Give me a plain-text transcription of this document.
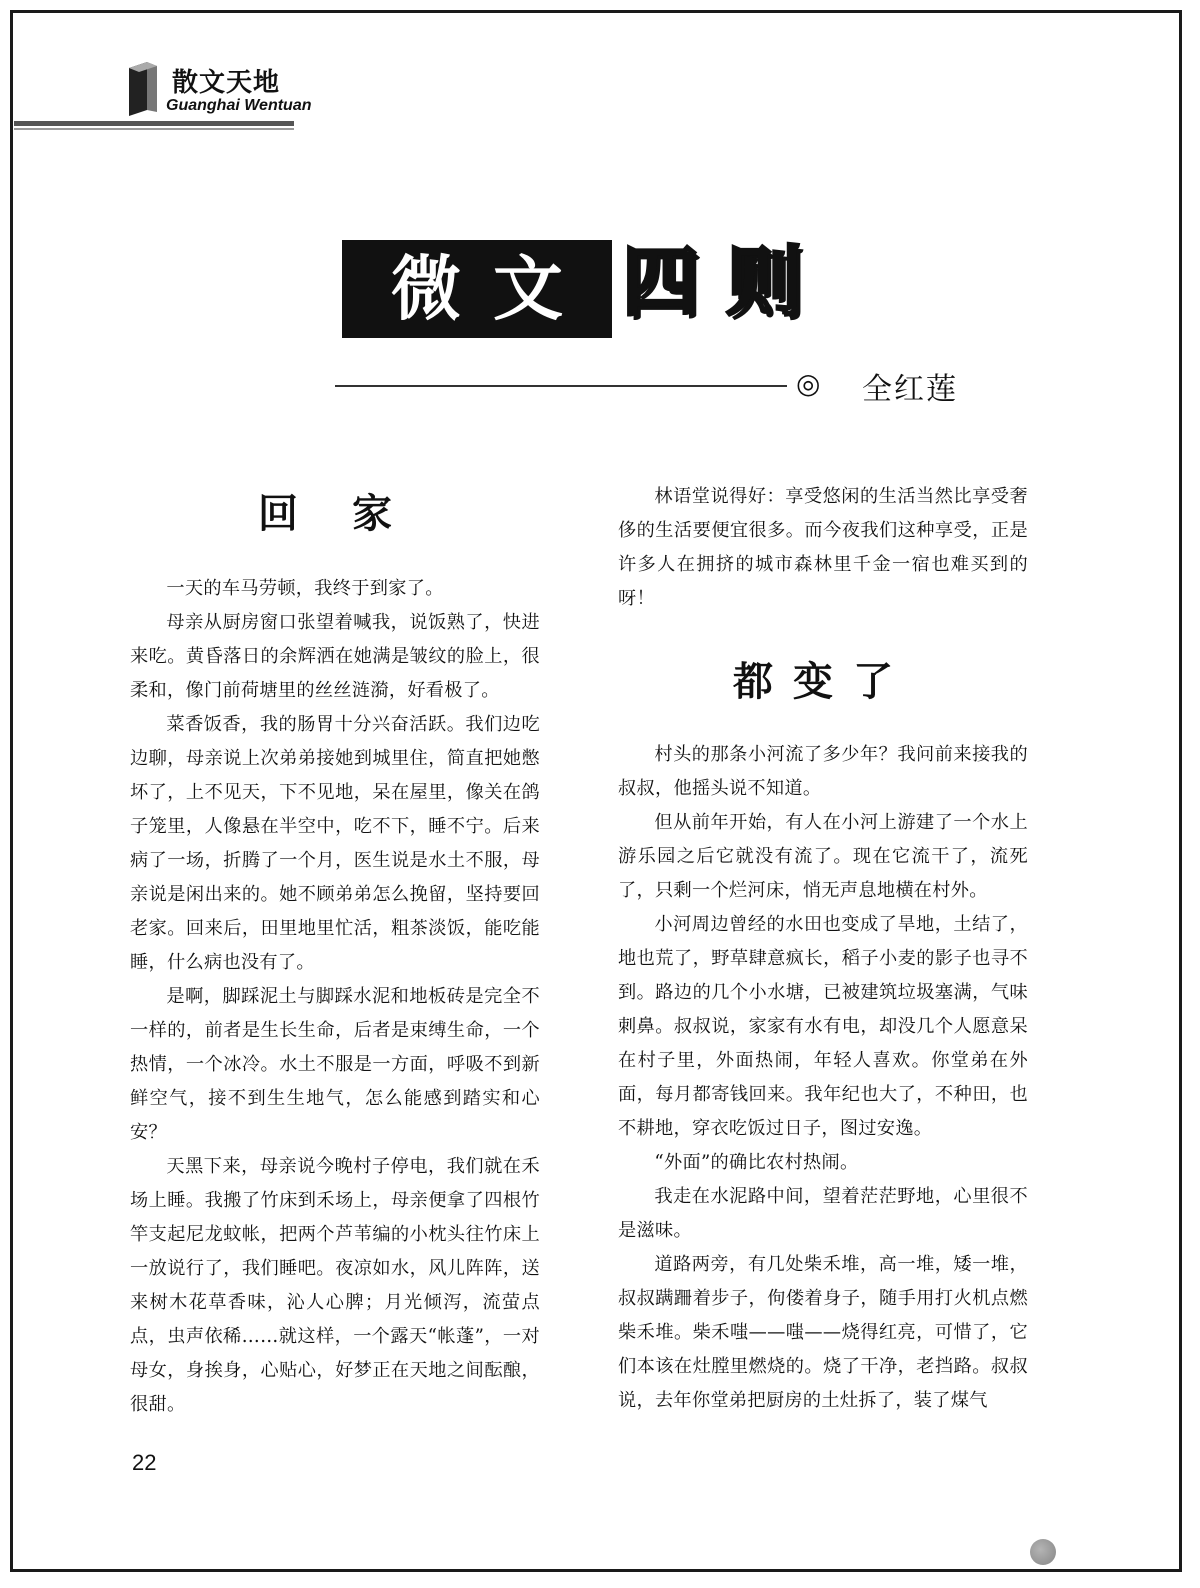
散文天地
Guanghai Wentuan
微文 四则
◎ 全红莲
回 家

一天的车马劳顿，我终于到家了。

母亲从厨房窗口张望着喊我，说饭熟了，快进来吃。黄昏落日的余辉洒在她满是皱纹的脸上，很柔和，像门前荷塘里的丝丝涟漪，好看极了。

菜香饭香，我的肠胃十分兴奋活跃。我们边吃边聊，母亲说上次弟弟接她到城里住，简直把她憋坏了，上不见天，下不见地，呆在屋里，像关在鸽子笼里，人像悬在半空中，吃不下，睡不宁。后来病了一场，折腾了一个月，医生说是水土不服，母亲说是闲出来的。她不顾弟弟怎么挽留，坚持要回老家。回来后，田里地里忙活，粗茶淡饭，能吃能睡，什么病也没有了。

是啊，脚踩泥土与脚踩水泥和地板砖是完全不一样的，前者是生长生命，后者是束缚生命，一个热情，一个冰冷。水土不服是一方面，呼吸不到新鲜空气，接不到生生地气，怎么能感到踏实和心安？

天黑下来，母亲说今晚村子停电，我们就在禾场上睡。我搬了竹床到禾场上，母亲便拿了四根竹竿支起尼龙蚊帐，把两个芦苇编的小枕头往竹床上一放说行了，我们睡吧。夜凉如水，风儿阵阵，送来树木花草香味，沁人心脾；月光倾泻，流萤点点，虫声依稀……就这样，一个露天“帐蓬”，一对母女，身挨身，心贴心，好梦正在天地之间酝酿，很甜。

林语堂说得好：享受悠闲的生活当然比享受奢侈的生活要便宜很多。而今夜我们这种享受，正是许多人在拥挤的城市森林里千金一宿也难买到的呀！

都变了

村头的那条小河流了多少年？我问前来接我的叔叔，他摇头说不知道。

但从前年开始，有人在小河上游建了一个水上游乐园之后它就没有流了。现在它流干了，流死了，只剩一个烂河床，悄无声息地横在村外。

小河周边曾经的水田也变成了旱地，土结了，地也荒了，野草肆意疯长，稻子小麦的影子也寻不到。路边的几个小水塘，已被建筑垃圾塞满，气味刺鼻。叔叔说，家家有水有电，却没几个人愿意呆在村子里，外面热闹，年轻人喜欢。你堂弟在外面，每月都寄钱回来。我年纪也大了，不种田，也不耕地，穿衣吃饭过日子，图过安逸。

“外面”的确比农村热闹。

我走在水泥路中间，望着茫茫野地，心里很不是滋味。

道路两旁，有几处柴禾堆，高一堆，矮一堆，叔叔蹒跚着步子，佝偻着身子，随手用打火机点燃柴禾堆。柴禾嗤——嗤——烧得红亮，可惜了，它们本该在灶膛里燃烧的。烧了干净，老挡路。叔叔说，去年你堂弟把厨房的土灶拆了，装了煤气

22
